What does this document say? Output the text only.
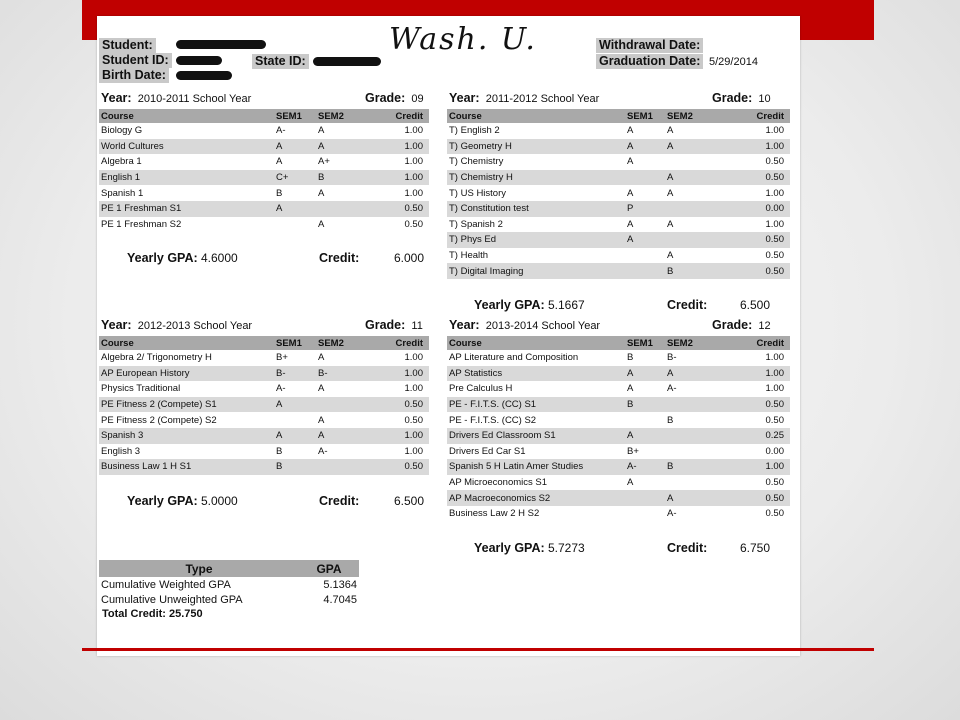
Student:
Student ID:
Birth Date:
State ID:
Wash. U.	Withdrawal Date:
Graduation Date: 5/29/2014
Year: 2010-2011 School Year	Grade: 09
Course	SEM1	SEM2	Credit
Biology G	A-	A	1.00
World Cultures	A	A	1.00
Algebra 1	A	A+	1.00
English 1	C+	B	1.00
Spanish 1	B	A	1.00
PE 1 Freshman S1	A		0.50
PE 1 Freshman S2		A	0.50
Yearly GPA: 4.6000	Credit:	6.000
Year: 2011-2012 School Year	Grade: 10
Course	SEM1	SEM2	Credit
T) English 2	A	A	1.00
T) Geometry H	A	A	1.00
T) Chemistry	A		0.50
T) Chemistry H		A	0.50
T) US History	A	A	1.00
T) Constitution test	P		0.00
T) Spanish 2	A	A	1.00
T) Phys Ed	A		0.50
T) Health		A	0.50
T) Digital Imaging		B	0.50
Yearly GPA: 5.1667	Credit:	6.500
Year: 2012-2013 School Year	Grade: 11
Course	SEM1	SEM2	Credit
Algebra 2/ Trigonometry H	B+	A	1.00
AP European History	B-	B-	1.00
Physics Traditional	A-	A	1.00
PE Fitness 2 (Compete) S1	A		0.50
PE Fitness 2 (Compete) S2		A	0.50
Spanish 3	A	A	1.00
English 3	B	A-	1.00
Business Law 1 H S1	B		0.50
Yearly GPA: 5.0000	Credit:	6.500
Year: 2013-2014 School Year	Grade: 12
Course	SEM1	SEM2	Credit
AP Literature and Composition	B	B-	1.00
AP Statistics	A	A	1.00
Pre Calculus H	A	A-	1.00
PE - F.I.T.S. (CC) S1	B		0.50
PE - F.I.T.S. (CC) S2		B	0.50
Drivers Ed Classroom S1	A		0.25
Drivers Ed Car S1	B+		0.00
Spanish 5 H Latin Amer Studies	A-	B	1.00
AP Microeconomics S1	A		0.50
AP Macroeconomics S2		A	0.50
Business Law 2 H S2		A-	0.50
Yearly GPA: 5.7273	Credit:	6.750
Type	GPA
Cumulative Weighted GPA	5.1364
Cumulative Unweighted GPA	4.7045
Total Credit: 25.750
